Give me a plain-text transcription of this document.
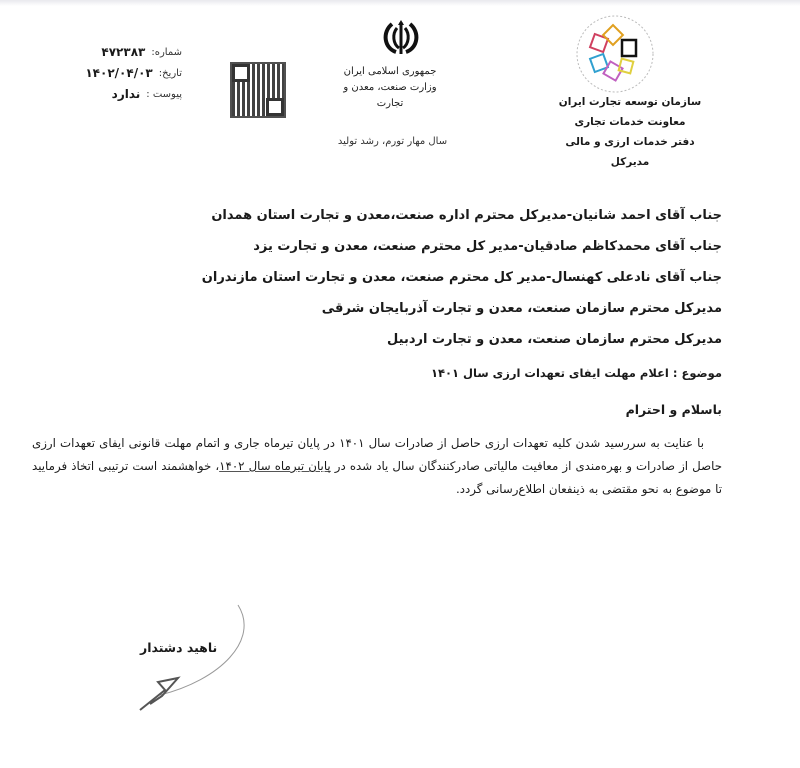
شماره:
۴۷۲۳۸۳
تاریخ:
۱۴۰۲/۰۴/۰۳
پیوست :
ندارد
جمهوری اسلامی ایران
وزارت صنعت، معدن و تجارت
سال مهار تورم، رشد تولید
سازمان توسعه تجارت ایران
معاونت خدمات تجاری
دفتر خدمات ارزی و مالی
مدیرکل
جناب آقای احمد شانیان-مدیرکل محترم اداره صنعت،معدن و تجارت استان همدان
جناب آقای محمدکاظم صادقیان-مدیر کل محترم صنعت، معدن و تجارت یزد
جناب آقای نادعلی کهنسال-مدیر کل محترم صنعت، معدن و تجارت استان مازندران
مدیرکل محترم سازمان صنعت، معدن و تجارت آذربایجان شرقی
مدیرکل محترم سازمان صنعت، معدن و تجارت اردبیل
موضوع : اعلام مهلت ایفای تعهدات ارزی سال ۱۴۰۱
باسلام و احترام
با عنایت به سررسید شدن کلیه تعهدات ارزی حاصل از صادرات سال ۱۴۰۱ در پایان تیرماه جاری و اتمام مهلت قانونی ایفای تعهدات ارزی حاصل از صادرات و بهره‌مندی از معافیت مالیاتی صادرکنندگان سال یاد شده در پایان تیرماه سال ۱۴۰۲، خواهشمند است ترتیبی اتخاذ فرمایید تا موضوع به نحو مقتضی به ذینفعان اطلاع‌رسانی گردد.
ناهید دشتدار
